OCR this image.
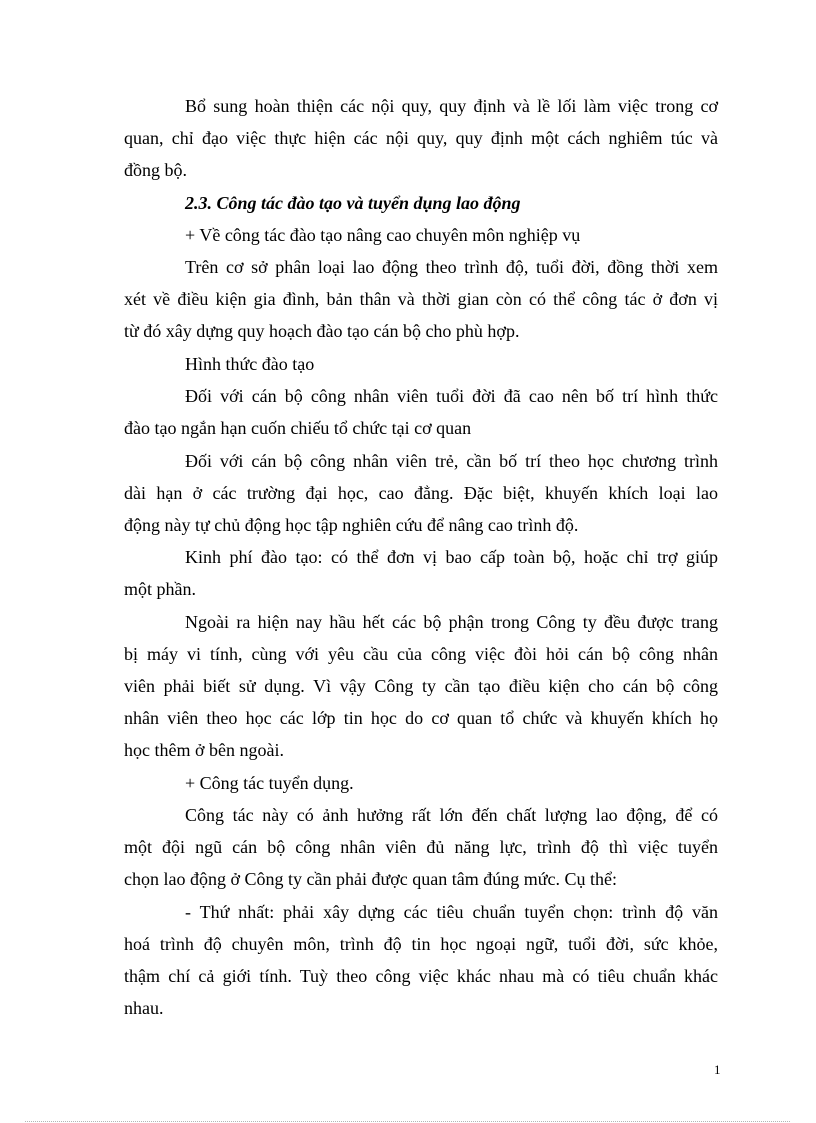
Bổ sung hoàn thiện các nội quy, quy định và lề lối làm việc trong cơ
quan, chỉ đạo việc thực hiện các nội quy, quy định một cách nghiêm túc và
đồng bộ.
2.3. Công tác đào tạo và tuyển dụng lao động
+ Về công tác đào tạo nâng cao chuyên môn nghiệp vụ
Trên cơ sở phân loại lao động theo trình độ, tuổi đời, đồng thời xem
xét về điều kiện gia đình, bản thân và thời gian còn có thể công tác ở đơn vị
từ đó xây dựng quy hoạch đào tạo cán bộ cho phù hợp.
Hình thức đào tạo
Đối với cán bộ công nhân viên tuổi đời đã cao nên bố trí hình thức
đào tạo ngắn hạn cuốn chiếu tổ chức tại cơ quan
Đối với cán bộ công nhân viên trẻ, cần bố trí theo học chương trình
dài hạn ở các trường đại học, cao đẳng. Đặc biệt, khuyến khích loại lao
động này tự chủ động học tập nghiên cứu để nâng cao trình độ.
Kinh phí đào tạo: có thể đơn vị bao cấp toàn bộ, hoặc chỉ trợ giúp
một phần.
Ngoài ra hiện nay hầu hết các bộ phận trong Công ty đều được trang
bị máy vi tính, cùng với yêu cầu của công việc đòi hỏi cán bộ công nhân
viên phải biết sử dụng. Vì vậy Công ty cần tạo điều kiện cho cán bộ công
nhân viên theo học các lớp tin học do cơ quan tổ chức và khuyến khích họ
học thêm ở bên ngoài.
+ Công tác tuyển dụng.
Công tác này có ảnh hưởng rất lớn đến chất lượng lao động, để có
một đội ngũ cán bộ công nhân viên đủ năng lực, trình độ thì việc tuyển
chọn lao động ở Công ty cần phải được quan tâm đúng mức. Cụ thể:
- Thứ nhất: phải xây dựng các tiêu chuẩn tuyển chọn: trình độ văn
hoá trình độ chuyên môn, trình độ tin học ngoại ngữ, tuổi đời, sức khỏe,
thậm chí cả giới tính. Tuỳ theo công việc khác nhau mà có tiêu chuẩn khác
nhau.
1
